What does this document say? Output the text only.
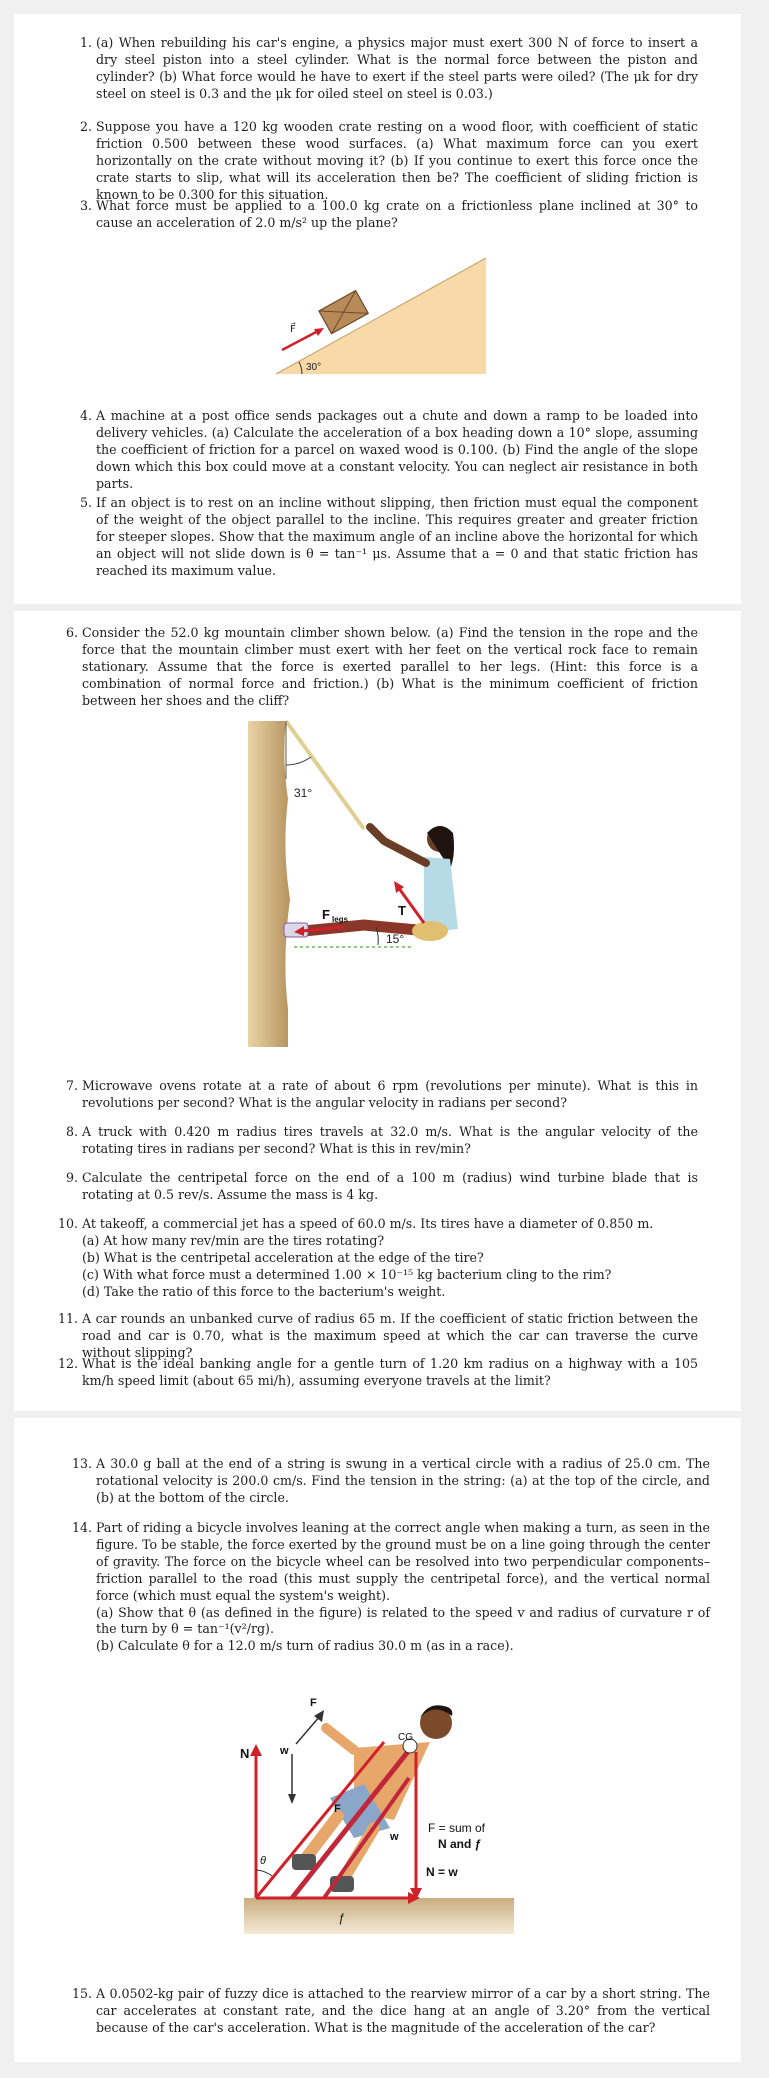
1. (a) When rebuilding his car's engine, a physics major must exert 300 N of force to insert a dry steel piston into a steel cylinder. What is the normal force between the piston and cylinder? (b) What force would he have to exert if the steel parts were oiled? (The μk for dry steel on steel is 0.3 and the μk for oiled steel on steel is 0.03.)
2. Suppose you have a 120 kg wooden crate resting on a wood floor, with coefficient of static friction 0.500 between these wood surfaces. (a) What maximum force can you exert horizontally on the crate without moving it? (b) If you continue to exert this force once the crate starts to slip, what will its acceleration then be? The coefficient of sliding friction is known to be 0.300 for this situation.
3. What force must be applied to a 100.0 kg crate on a frictionless plane inclined at 30° to cause an acceleration of 2.0 m/s² up the plane?
4. A machine at a post office sends packages out a chute and down a ramp to be loaded into delivery vehicles. (a) Calculate the acceleration of a box heading down a 10° slope, assuming the coefficient of friction for a parcel on waxed wood is 0.100. (b) Find the angle of the slope down which this box could move at a constant velocity. You can neglect air resistance in both parts.
5. If an object is to rest on an incline without slipping, then friction must equal the component of the weight of the object parallel to the incline. This requires greater and greater friction for steeper slopes. Show that the maximum angle of an incline above the horizontal for which an object will not slide down is θ = tan⁻¹ μs. Assume that a = 0 and that static friction has reached its maximum value.
F⃗
30°
6. Consider the 52.0 kg mountain climber shown below. (a) Find the tension in the rope and the force that the mountain climber must exert with her feet on the vertical rock face to remain stationary. Assume that the force is exerted parallel to her legs. (Hint: this force is a combination of normal force and friction.) (b) What is the minimum coefficient of friction between her shoes and the cliff?
7. Microwave ovens rotate at a rate of about 6 rpm (revolutions per minute). What is this in revolutions per second? What is the angular velocity in radians per second?
8. A truck with 0.420 m radius tires travels at 32.0 m/s. What is the angular velocity of the rotating tires in radians per second? What is this in rev/min?
9. Calculate the centripetal force on the end of a 100 m (radius) wind turbine blade that is rotating at 0.5 rev/s. Assume the mass is 4 kg.
10. At takeoff, a commercial jet has a speed of 60.0 m/s. Its tires have a diameter of 0.850 m.
(a) At how many rev/min are the tires rotating?
(b) What is the centripetal acceleration at the edge of the tire?
(c) With what force must a determined 1.00 × 10⁻¹⁵ kg bacterium cling to the rim?
(d) Take the ratio of this force to the bacterium's weight.
11. A car rounds an unbanked curve of radius 65 m. If the coefficient of static friction between the road and car is 0.70, what is the maximum speed at which the car can traverse the curve without slipping?
12. What is the ideal banking angle for a gentle turn of 1.20 km radius on a highway with a 105 km/h speed limit (about 65 mi/h), assuming everyone travels at the limit?
31°
T
F legs
15°
13. A 30.0 g ball at the end of a string is swung in a vertical circle with a radius of 25.0 cm. The rotational velocity is 200.0 cm/s. Find the tension in the string: (a) at the top of the circle, and (b) at the bottom of the circle.
14. Part of riding a bicycle involves leaning at the correct angle when making a turn, as seen in the figure. To be stable, the force exerted by the ground must be on a line going through the center of gravity. The force on the bicycle wheel can be resolved into two perpendicular components–friction parallel to the road (this must supply the centripetal force), and the vertical normal force (which must equal the system's weight).
(a) Show that θ (as defined in the figure) is related to the speed v and radius of curvature r of the turn by θ = tan⁻¹(v²/rg).
(b) Calculate θ for a 12.0 m/s turn of radius 30.0 m (as in a race).
15. A 0.0502-kg pair of fuzzy dice is attached to the rearview mirror of a car by a short string. The car accelerates at constant rate, and the dice hang at an angle of 3.20° from the vertical because of the car's acceleration. What is the magnitude of the acceleration of the car?
N	w
F
CG
F
w
F = sum of
N and ƒ
N = w
θ
ƒ
